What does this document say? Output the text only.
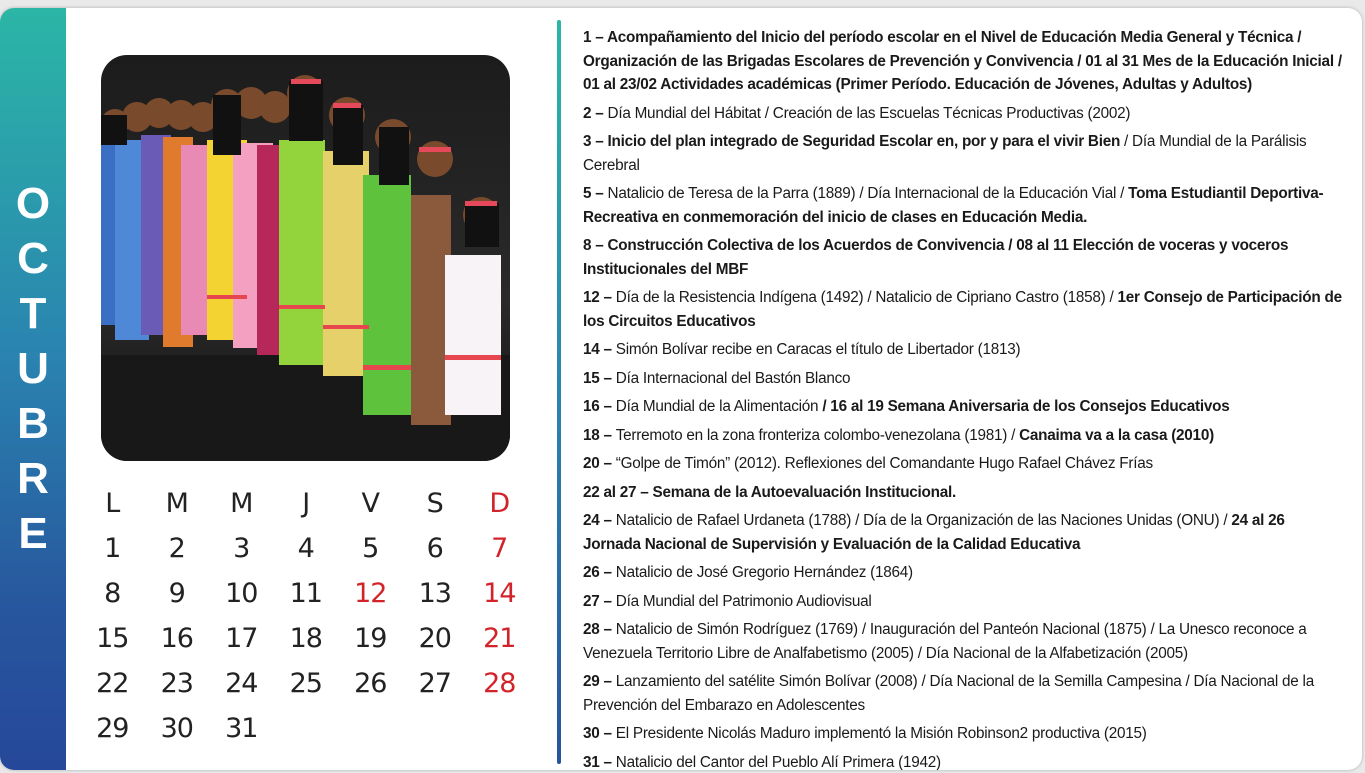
O
C
T
U
B
R
E
L	M	M	J	V	S	D
1	2	3	4	5	6	7
8	9	10	11	12	13	14
15	16	17	18	19	20	21
22	23	24	25	26	27	28
29	30	31

1 – Acompañamiento del Inicio del período escolar en el Nivel de Educación Media General y Técnica / Organización de las Brigadas Escolares de Prevención y Convivencia / 01 al 31 Mes de la Educación Inicial / 01 al 23/02 Actividades académicas (Primer Período. Educación de Jóvenes, Adultas y Adultos)

2 – Día Mundial del Hábitat / Creación de las Escuelas Técnicas Productivas (2002)

3 – Inicio del plan integrado de Seguridad Escolar en, por y para el vivir Bien / Día Mundial de la Parálisis Cerebral

5 – Natalicio de Teresa de la Parra (1889) / Día Internacional de la Educación Vial / Toma Estudiantil Deportiva-Recreativa en conmemoración del inicio de clases en Educación Media.

8 – Construcción Colectiva de los Acuerdos de Convivencia / 08 al 11 Elección de voceras y voceros Institucionales del MBF

12 – Día de la Resistencia Indígena (1492) / Natalicio de Cipriano Castro (1858) / 1er Consejo de Participación de los Circuitos Educativos

14 – Simón Bolívar recibe en Caracas el título de Libertador (1813)

15 – Día Internacional del Bastón Blanco

16 – Día Mundial de la Alimentación / 16 al 19 Semana Aniversaria de los Consejos Educativos

18 – Terremoto en la zona fronteriza colombo-venezolana (1981) / Canaima va a la casa (2010)

20 – “Golpe de Timón” (2012). Reflexiones del Comandante Hugo Rafael Chávez Frías

22 al 27 – Semana de la Autoevaluación Institucional.

24 – Natalicio de Rafael Urdaneta (1788) / Día de la Organización de las Naciones Unidas (ONU) / 24 al 26 Jornada Nacional de Supervisión y Evaluación de la Calidad Educativa

26 – Natalicio de José Gregorio Hernández (1864)

27 – Día Mundial del Patrimonio Audiovisual

28 – Natalicio de Simón Rodríguez (1769) / Inauguración del Panteón Nacional (1875) / La Unesco reconoce a Venezuela Territorio Libre de Analfabetismo (2005) / Día Nacional de la Alfabetización (2005)

29 – Lanzamiento del satélite Simón Bolívar (2008) / Día Nacional de la Semilla Campesina / Día Nacional de la Prevención del Embarazo en Adolescentes

30 – El Presidente Nicolás Maduro implementó la Misión Robinson2 productiva (2015)

31 – Natalicio del Cantor del Pueblo Alí Primera (1942)
